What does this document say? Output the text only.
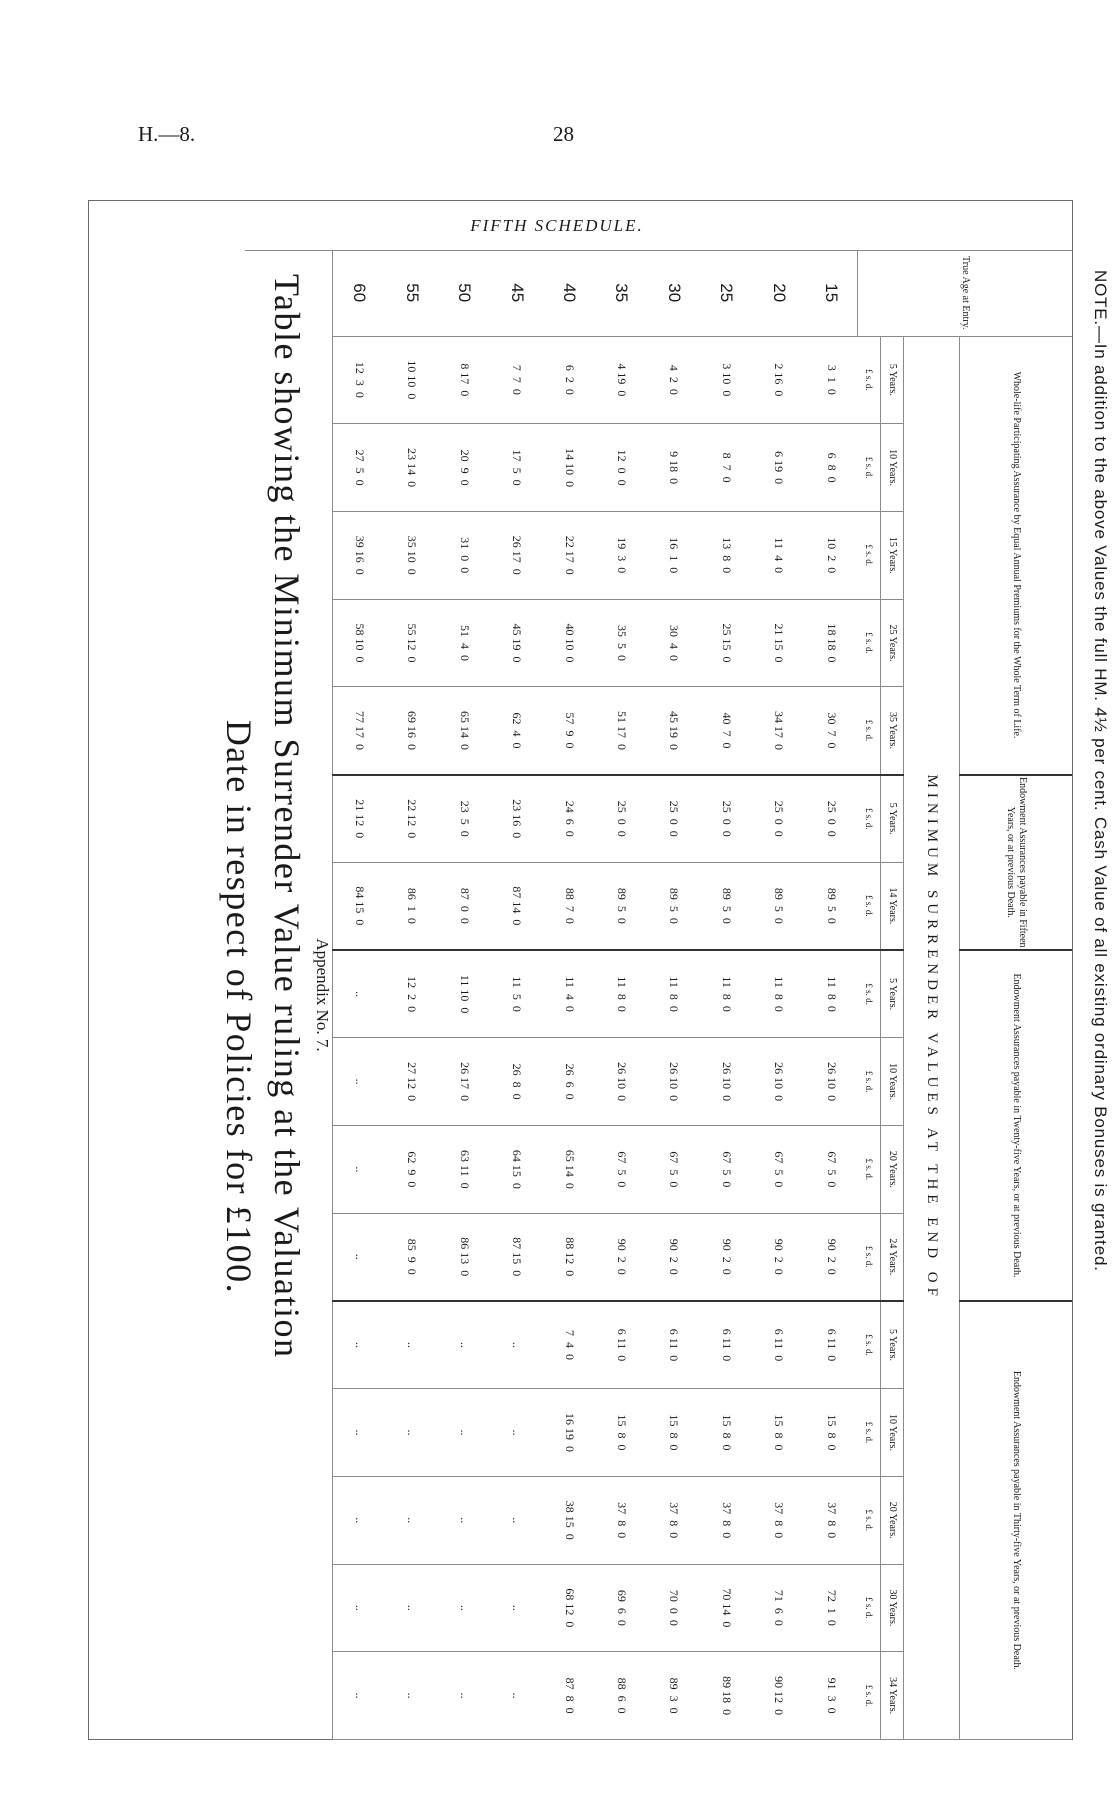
H.—8.	28
FIFTH SCHEDULE.
NOTE.—In addition to the above Values the full HM. 4½ per cent. Cash Value of all existing ordinary Bonuses is granted.
True Age at Entry.	Whole-life Participating Assurance by Equal Annual Premiums for the Whole Term of Life.					Endowment Assurances payable in Fifteen Years, or at previous Death.		Endowment Assurances payable in Twenty-five Years, or at previous Death.				Endowment Assurances payable in Thirty-five Years, or at previous Death.				
	MINIMUM SURRENDER VALUES AT THE END OF															
	5 Years.	10 Years.	15 Years.	25 Years.	35 Years.	5 Years.	14 Years.	5 Years.	10 Years.	20 Years.	24 Years.	5 Years.	10 Years.	20 Years.	30 Years.	34 Years.
	£ s. d.	£ s. d.	£ s. d.	£ s. d.	£ s. d.	£ s. d.	£ s. d.	£ s. d.	£ s. d.	£ s. d.	£ s. d.	£ s. d.	£ s. d.	£ s. d.	£ s. d.	£ s. d.
15	3  1  0	6  8  0	10  2  0	18 18  0	30  7  0	25  0  0	89  5  0	11  8  0	26 10  0	67  5  0	90  2  0	6 11  0	15  8  0	37  8  0	72  1  0	91  3  0
20	2 16  0	6 19  0	11  4  0	21 15  0	34 17  0	25  0  0	89  5  0	11  8  0	26 10  0	67  5  0	90  2  0	6 11  0	15  8  0	37  8  0	71  6  0	90 12  0
25	3 10  0	8  7  0	13  8  0	25 15  0	40  7  0	25  0  0	89  5  0	11  8  0	26 10  0	67  5  0	90  2  0	6 11  0	15  8  0	37  8  0	70 14  0	89 18  0
30	4  2  0	9 18  0	16  1  0	30  4  0	45 19  0	25  0  0	89  5  0	11  8  0	26 10  0	67  5  0	90  2  0	6 11  0	15  8  0	37  8  0	70  0  0	89  3  0
35	4 19  0	12  0  0	19  3  0	35  5  0	51 17  0	25  0  0	89  5  0	11  8  0	26 10  0	67  5  0	90  2  0	6 11  0	15  8  0	37  8  0	69  6  0	88  6  0
40	6  2  0	14 10  0	22 17  0	40 10  0	57  9  0	24  6  0	88  7  0	11  4  0	26  6  0	65 14  0	88 12  0	7  4  0	16 19  0	38 15  0	68 12  0	87  8  0
45	7  7  0	17  5  0	26 17  0	45 19  0	62  4  0	23 16  0	87 14  0	11  5  0	26  8  0	64 15  0	87 15  0	..	..	..	..	..
50	8 17  0	20  9  0	31  0  0	51  4  0	65 14  0	23  5  0	87  0  0	11 10  0	26 17  0	63 11  0	86 13  0	..	..	..	..	..
55	10 10  0	23 14  0	35 10  0	55 12  0	69 16  0	22 12  0	86  1  0	12  2  0	27 12  0	62  9  0	85  9  0	..	..	..	..	..
60	12  3  0	27  5  0	39 16  0	58 10  0	77 17  0	21 12  0	84 15  0	..	..	..	..	..	..	..	..	..
Appendix No. 7.
Table showing the Minimum Surrender Value ruling at the Valuation
Date in respect of Policies for £100.
